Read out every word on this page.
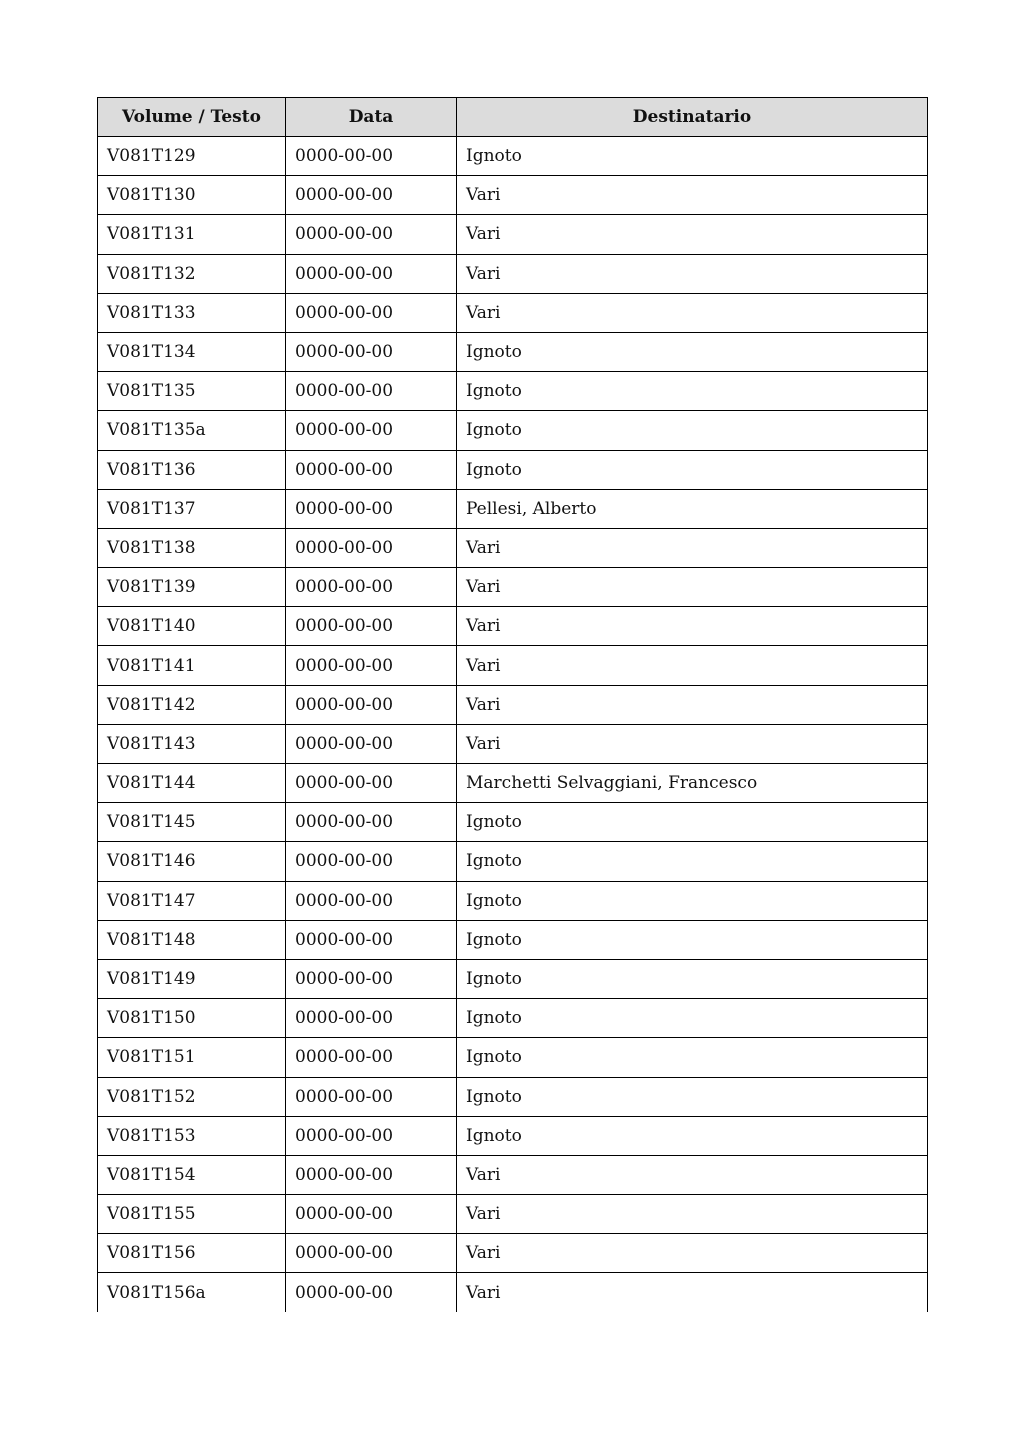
Volume / Testo	Data	Destinatario
V081T129	0000-00-00	Ignoto
V081T130	0000-00-00	Vari
V081T131	0000-00-00	Vari
V081T132	0000-00-00	Vari
V081T133	0000-00-00	Vari
V081T134	0000-00-00	Ignoto
V081T135	0000-00-00	Ignoto
V081T135a	0000-00-00	Ignoto
V081T136	0000-00-00	Ignoto
V081T137	0000-00-00	Pellesi, Alberto
V081T138	0000-00-00	Vari
V081T139	0000-00-00	Vari
V081T140	0000-00-00	Vari
V081T141	0000-00-00	Vari
V081T142	0000-00-00	Vari
V081T143	0000-00-00	Vari
V081T144	0000-00-00	Marchetti Selvaggiani, Francesco
V081T145	0000-00-00	Ignoto
V081T146	0000-00-00	Ignoto
V081T147	0000-00-00	Ignoto
V081T148	0000-00-00	Ignoto
V081T149	0000-00-00	Ignoto
V081T150	0000-00-00	Ignoto
V081T151	0000-00-00	Ignoto
V081T152	0000-00-00	Ignoto
V081T153	0000-00-00	Ignoto
V081T154	0000-00-00	Vari
V081T155	0000-00-00	Vari
V081T156	0000-00-00	Vari
V081T156a	0000-00-00	Vari
